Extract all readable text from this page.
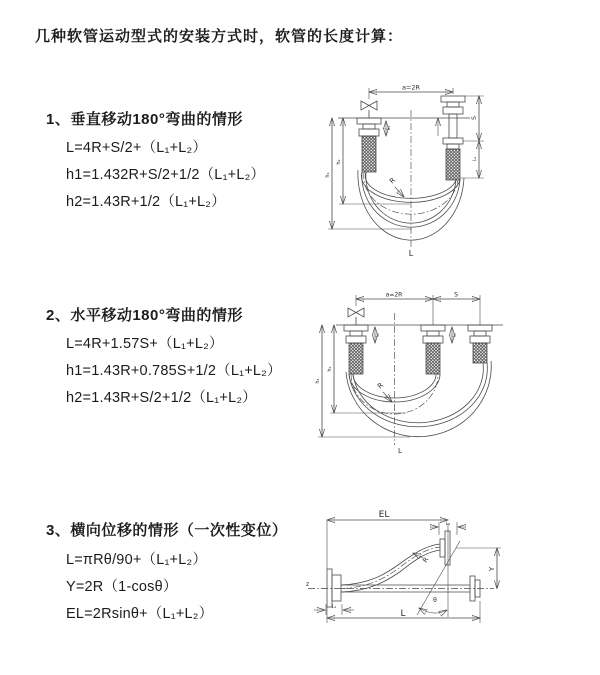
几种软管运动型式的安装方式时，软管的长度计算：
1、垂直移动180°弯曲的情形
L=4R+S/2+（L₁+L₂）
h1=1.432R+S/2+1/2（L₁+L₂）
h2=1.43R+1/2（L₁+L₂）
2、水平移动180°弯曲的情形
L=4R+1.57S+（L₁+L₂）
h1=1.43R+0.785S+1/2（L₁+L₂）
h2=1.43R+S/2+1/2（L₁+L₂）
3、横向位移的情形（一次性变位）
L=πRθ/90+（L₁+L₂）
Y=2R（1-cosθ）
EL=2Rsinθ+（L₁+L₂）
a=2R
L₁
S
L₁
h₁
h₂
R
L
a=2R	S
L₁	L₁
h₁
h₂
R
L
EL
L₂
z
Y
θ
R
L
L₁
